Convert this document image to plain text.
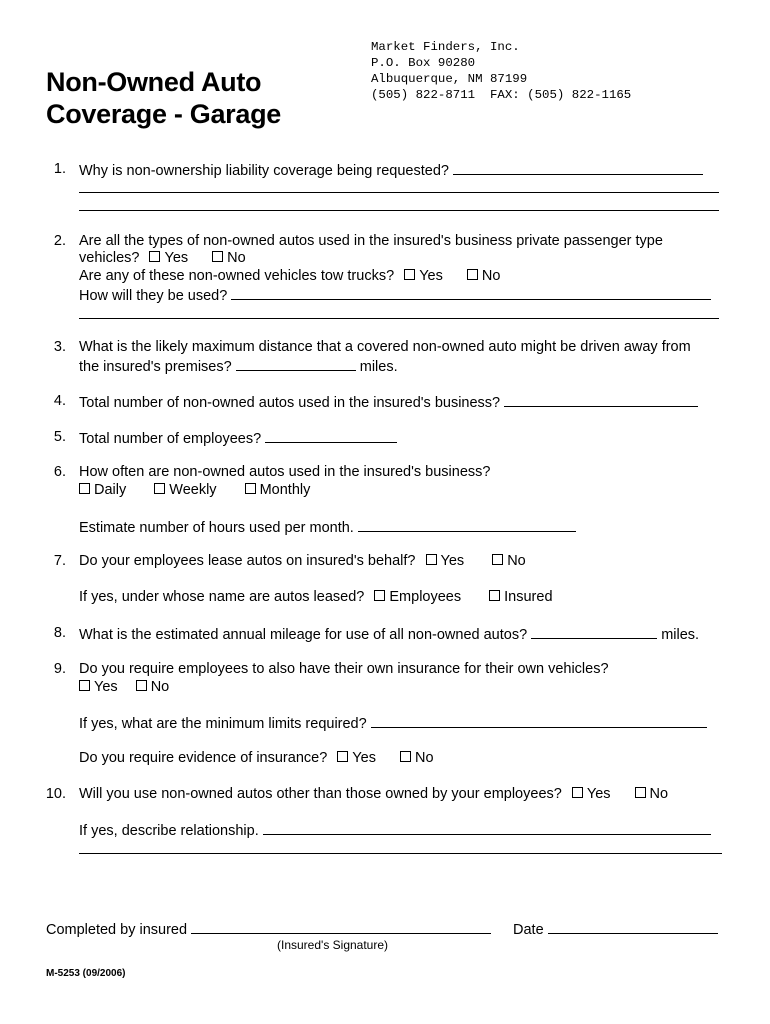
Non-Owned Auto
Coverage - Garage
Market Finders, Inc.
P.O. Box 90280
Albuquerque, NM 87199
(505) 822-8711  FAX: (505) 822-1165
1. Why is non-ownership liability coverage being requested?
2. Are all the types of non-owned autos used in the insured's business private passenger type
vehicles? Yes	No
Are any of these non-owned vehicles tow trucks? Yes	No
How will they be used?
3. What is the likely maximum distance that a covered non-owned auto might be driven away from
the insured's premises?	miles.
4. Total number of non-owned autos used in the insured's business?
5. Total number of employees?
6. How often are non-owned autos used in the insured's business?
Daily	Weekly	Monthly
Estimate number of hours used per month.
7. Do your employees lease autos on insured's behalf? Yes	No
If yes, under whose name are autos leased? Employees	Insured
8. What is the estimated annual mileage for use of all non-owned autos?	miles.
9. Do you require employees to also have their own insurance for their own vehicles?
Yes No
If yes, what are the minimum limits required?
Do you require evidence of insurance? Yes	No
10. Will you use non-owned autos other than those owned by your employees? Yes	No
If yes, describe relationship.
Completed by insured	Date
(Insured's Signature)
M-5253 (09/2006)
